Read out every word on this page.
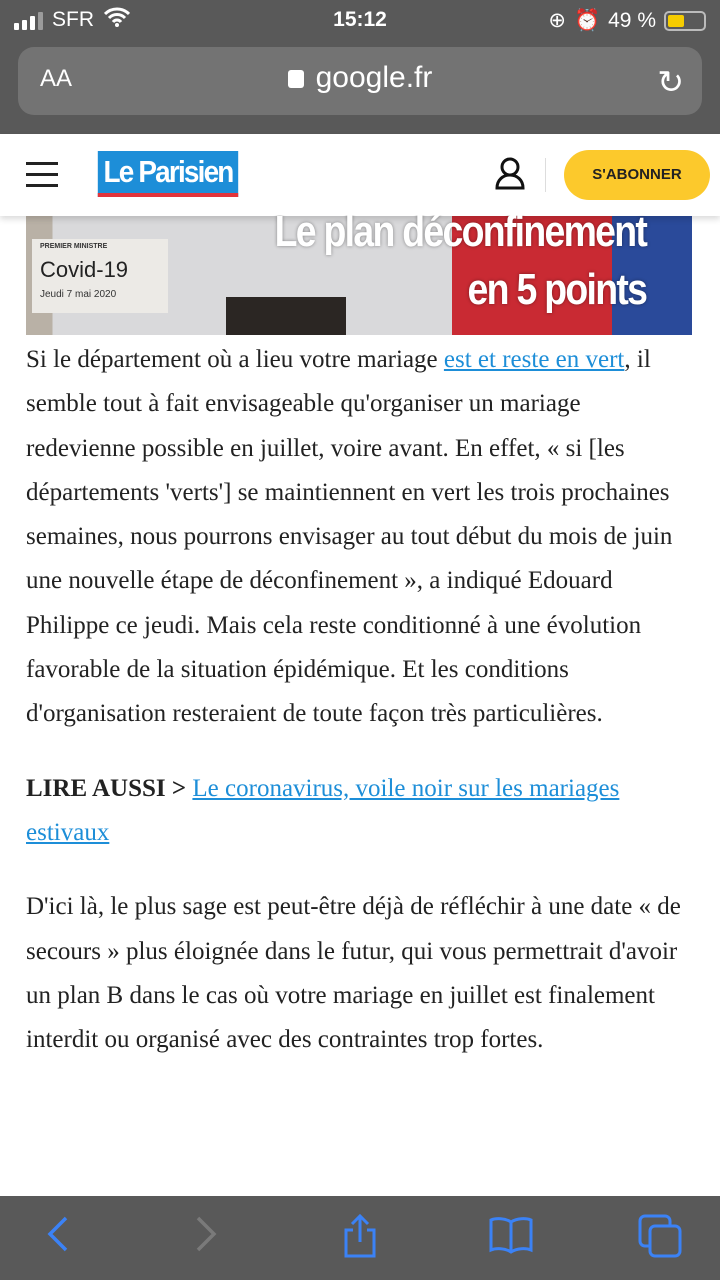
SFR	15:12	⊕ ⏰ 49 %
AA	google.fr	↻
Le Parisien	S'ABONNER
PREMIER MINISTRE
Covid-19
Jeudi 7 mai 2020
Le plan déconfinement
en 5 points

Si le département où a lieu votre mariage est et reste en vert, il semble tout à fait envisageable qu'organiser un mariage redevienne possible en juillet, voire avant. En effet, « si [les départements 'verts'] se maintiennent en vert les trois prochaines semaines, nous pourrons envisager au tout début du mois de juin une nouvelle étape de déconfinement », a indiqué Edouard Philippe ce jeudi. Mais cela reste conditionné à une évolution favorable de la situation épidémique. Et les conditions d'organisation resteraient de toute façon très particulières.

LIRE AUSSI > Le coronavirus, voile noir sur les mariages estivaux

D'ici là, le plus sage est peut-être déjà de réfléchir à une date « de secours » plus éloignée dans le futur, qui vous permettrait d'avoir un plan B dans le cas où votre mariage en juillet est finalement interdit ou organisé avec des contraintes trop fortes.
